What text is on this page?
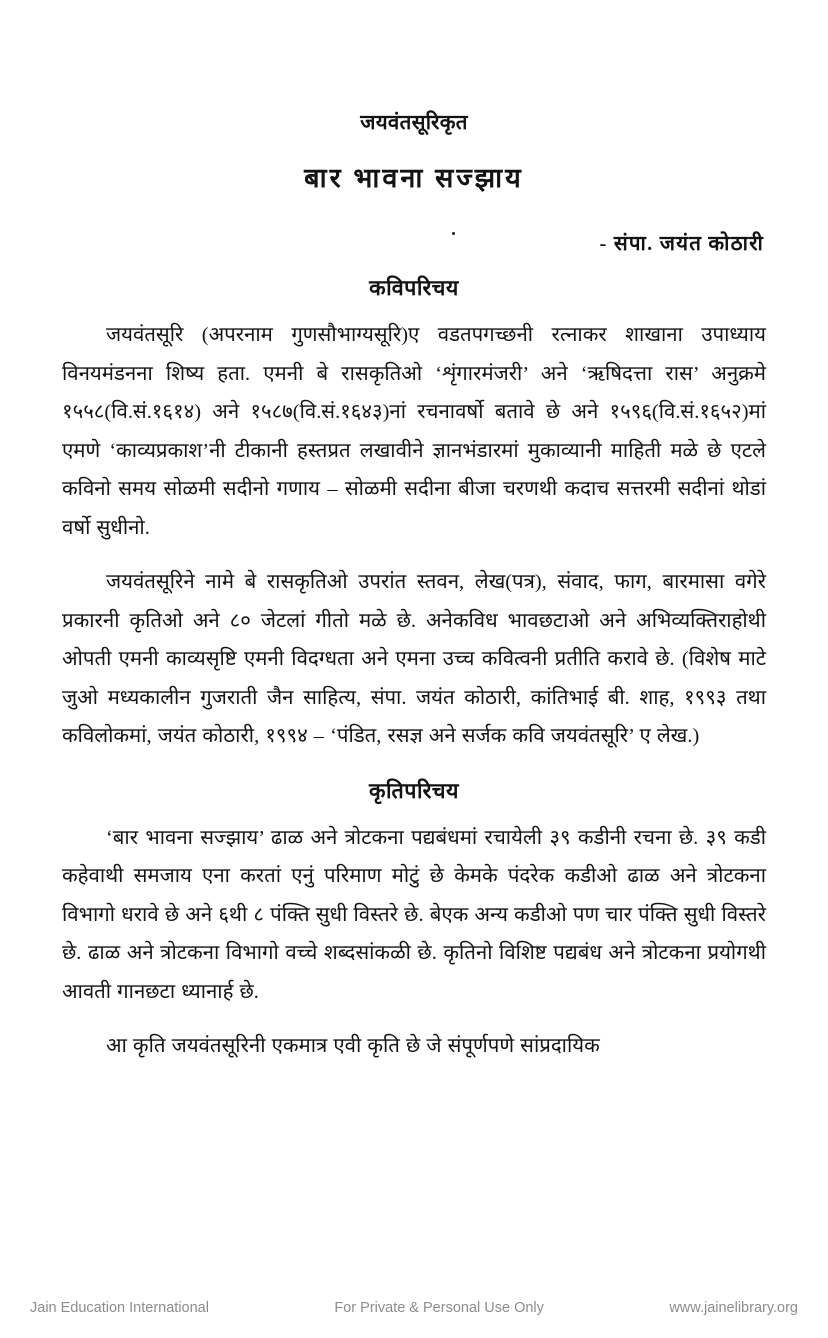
जयवंतसूरिकृत
बार भावना सज्झाय
- संपा. जयंत कोठारी
कविपरिचय

जयवंतसूरि (अपरनाम गुणसौभाग्यसूरि)ए वडतपगच्छनी रत्नाकर शाखाना उपाध्याय विनयमंडनना शिष्य हता. एमनी बे रासकृतिओ ‘शृंगारमंजरी’ अने ‘ऋषिदत्ता रास’ अनुक्रमे १५५८(वि.सं.१६१४) अने १५८७(वि.सं.१६४३)नां रचनावर्षो बतावे छे अने १५९६(वि.सं.१६५२)मां एमणे ‘काव्यप्रकाश’नी टीकानी हस्तप्रत लखावीने ज्ञानभंडारमां मुकाव्यानी माहिती मळे छे एटले कविनो समय सोळमी सदीनो गणाय – सोळमी सदीना बीजा चरणथी कदाच सत्तरमी सदीनां थोडां वर्षो सुधीनो.

जयवंतसूरिने नामे बे रासकृतिओ उपरांत स्तवन, लेख(पत्र), संवाद, फाग, बारमासा वगेरे प्रकारनी कृतिओ अने ८० जेटलां गीतो मळे छे. अनेकविध भावछटाओ अने अभिव्यक्तिराहोथी ओपती एमनी काव्यसृष्टि एमनी विदग्धता अने एमना उच्च कवित्वनी प्रतीति करावे छे. (विशेष माटे जुओ मध्यकालीन गुजराती जैन साहित्य, संपा. जयंत कोठारी, कांतिभाई बी. शाह, १९९३ तथा कविलोकमां, जयंत कोठारी, १९९४ – ‘पंडित, रसज्ञ अने सर्जक कवि जयवंतसूरि’ ए लेख.)

कृतिपरिचय

‘बार भावना सज्झाय’ ढाळ अने त्रोटकना पद्यबंधमां रचायेली ३९ कडीनी रचना छे. ३९ कडी कहेवाथी समजाय एना करतां एनुं परिमाण मोटुं छे केमके पंदरेक कडीओ ढाळ अने त्रोटकना विभागो धरावे छे अने ६थी ८ पंक्ति सुधी विस्तरे छे. बेएक अन्य कडीओ पण चार पंक्ति सुधी विस्तरे छे. ढाळ अने त्रोटकना विभागो वच्चे शब्दसांकळी छे. कृतिनो विशिष्ट पद्यबंध अने त्रोटकना प्रयोगथी आवती गानछटा ध्यानार्ह छे.

आ कृति जयवंतसूरिनी एकमात्र एवी कृति छे जे संपूर्णपणे सांप्रदायिक

Jain Education International	For Private & Personal Use Only	www.jainelibrary.org
